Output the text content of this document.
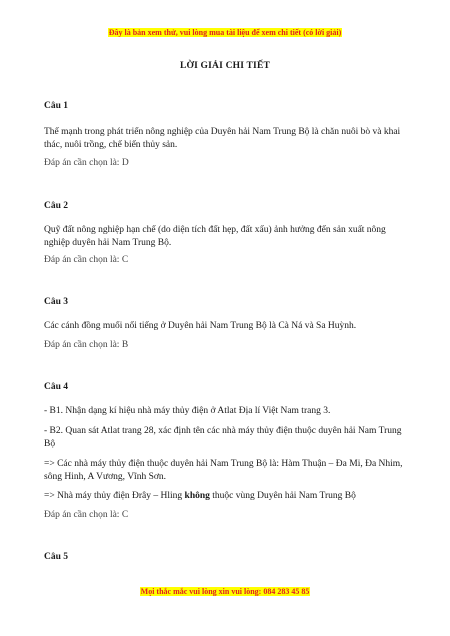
Đây là bản xem thử, vui lòng mua tài liệu để xem chi tiết (có lời giải)
LỜI GIẢI CHI TIẾT
Câu 1
Thế mạnh trong phát triển nông nghiệp của Duyên hải Nam Trung Bộ là chăn nuôi bò và khai thác, nuôi trồng, chế biến thủy sản.
Đáp án cần chọn là: D
Câu 2
Quỹ đất nông nghiệp hạn chế (do diện tích đất hẹp, đất xấu) ảnh hưởng đến sản xuất nông nghiệp duyên hải Nam Trung Bộ.
Đáp án cần chọn là: C
Câu 3
Các cánh đồng muối nổi tiếng ở Duyên hải Nam Trung Bộ là Cà Ná và Sa Huỳnh.
Đáp án cần chọn là: B
Câu 4
- B1. Nhận dạng kí hiệu nhà máy thủy điện ở Atlat Địa lí Việt Nam trang 3.
- B2. Quan sát Atlat trang 28, xác định tên các nhà máy thủy điện thuộc duyên hải Nam Trung Bộ
=> Các nhà máy thủy điện thuộc duyên hải Nam Trung Bộ là: Hàm Thuận – Đa Mi, Đa Nhim, sông Hinh, A Vương, Vĩnh Sơn.
=> Nhà máy thủy điện Đrây – Hling không thuộc vùng Duyên hải Nam Trung Bộ
Đáp án cần chọn là: C
Câu 5
Mọi thắc mắc vui lòng xin vui lòng: 084 283 45 85
